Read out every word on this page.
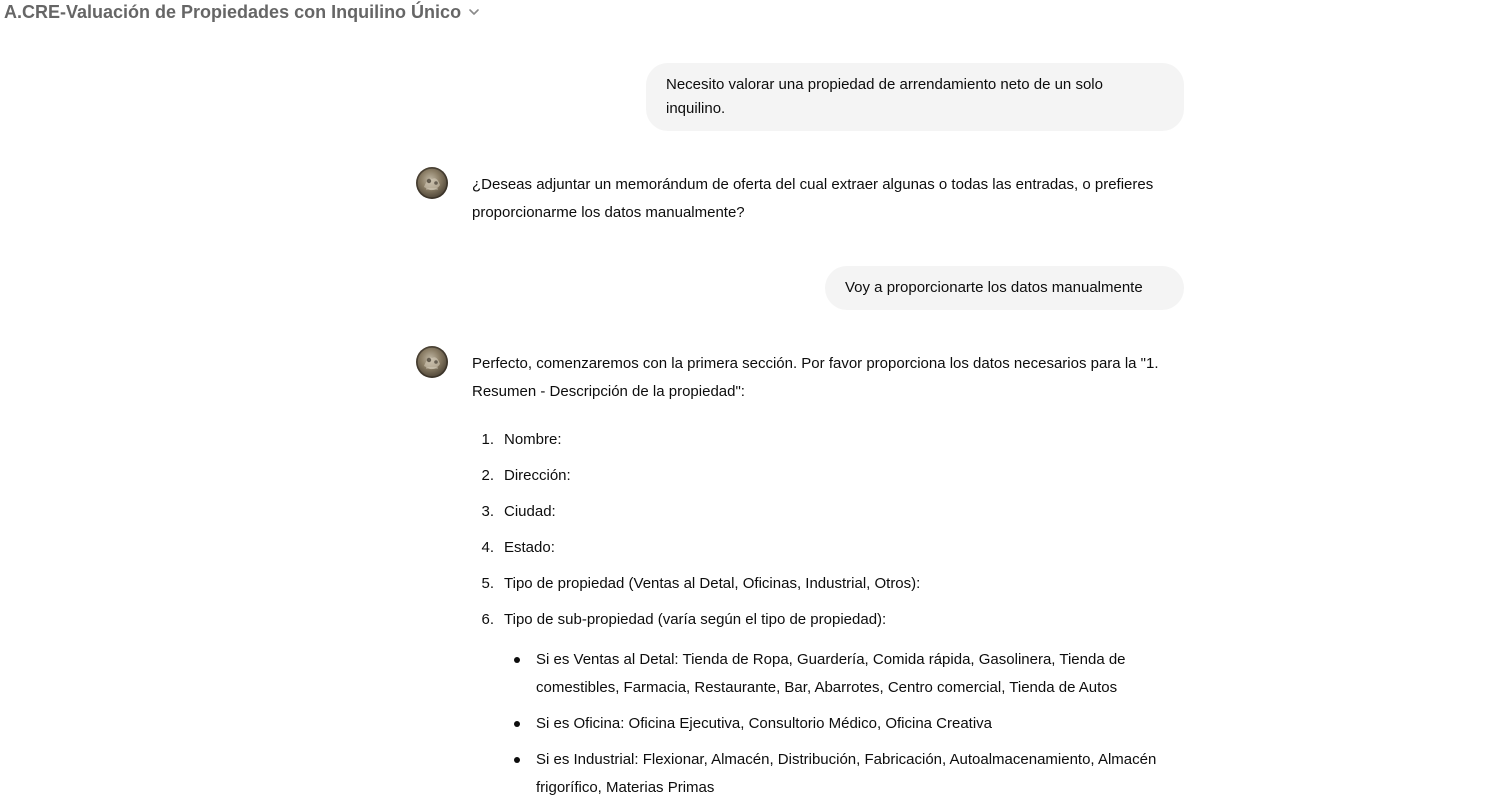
A.CRE-Valuación de Propiedades con Inquilino Único
Necesito valorar una propiedad de arrendamiento neto de un solo inquilino.
¿Deseas adjuntar un memorándum de oferta del cual extraer algunas o todas las entradas, o prefieres proporcionarme los datos manualmente?
Voy a proporcionarte los datos manualmente

Perfecto, comenzaremos con la primera sección. Por favor proporciona los datos necesarios para la "1. Resumen - Descripción de la propiedad":

1. Nombre:
2. Dirección:
3. Ciudad:
4. Estado:
5. Tipo de propiedad (Ventas al Detal, Oficinas, Industrial, Otros):
6. Tipo de sub-propiedad (varía según el tipo de propiedad):
Si es Ventas al Detal: Tienda de Ropa, Guardería, Comida rápida, Gasolinera, Tienda de comestibles, Farmacia, Restaurante, Bar, Abarrotes, Centro comercial, Tienda de Autos
Si es Oficina: Oficina Ejecutiva, Consultorio Médico, Oficina Creativa
Si es Industrial: Flexionar, Almacén, Distribución, Fabricación, Autoalmacenamiento, Almacén frigorífico, Materias Primas
